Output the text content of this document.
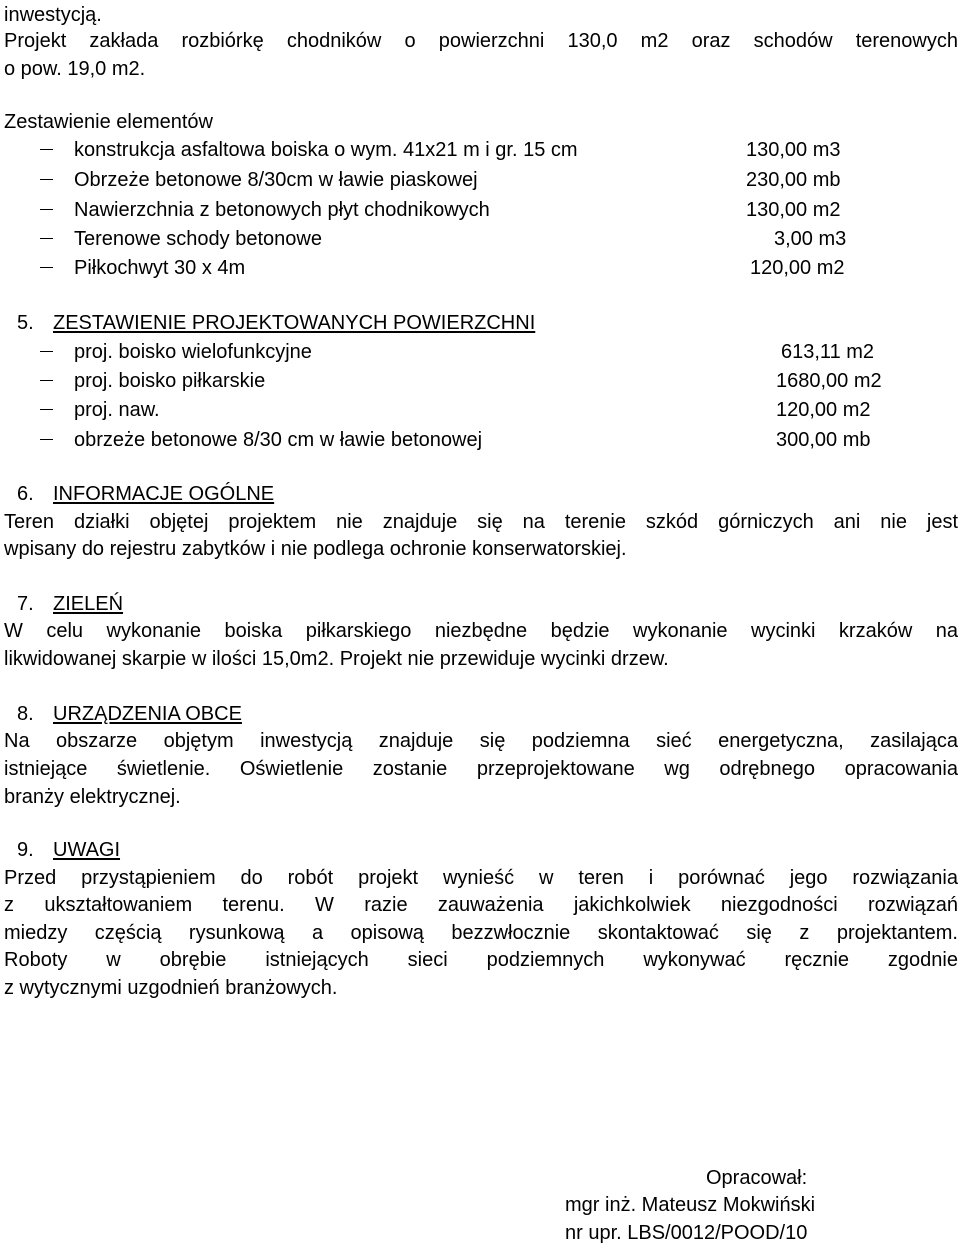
inwestycją.
Projekt zakłada rozbiórkę chodników o powierzchni 130,0 m2 oraz schodów terenowych
o pow. 19,0 m2.
Zestawienie elementów
konstrukcja asfaltowa boiska o wym. 41x21 m i gr. 15 cm	130,00 m3
Obrzeże betonowe 8/30cm w ławie piaskowej	230,00 mb
Nawierzchnia z betonowych płyt chodnikowych	130,00 m2
Terenowe schody betonowe	3,00 m3
Piłkochwyt 30 x 4m	120,00 m2
5. ZESTAWIENIE PROJEKTOWANYCH POWIERZCHNI
proj. boisko wielofunkcyjne	613,11 m2
proj. boisko piłkarskie	1680,00 m2
proj. naw.	120,00 m2
obrzeże betonowe 8/30 cm w ławie betonowej	300,00 mb
6. INFORMACJE OGÓLNE
Teren działki objętej projektem nie znajduje się na terenie szkód górniczych ani nie jest
wpisany do rejestru zabytków i nie podlega ochronie konserwatorskiej.
7. ZIELEŃ
W celu wykonanie boiska piłkarskiego niezbędne będzie wykonanie wycinki krzaków na
likwidowanej skarpie w ilości 15,0m2. Projekt nie przewiduje wycinki drzew.
8. URZĄDZENIA OBCE
Na obszarze objętym inwestycją znajduje się podziemna sieć energetyczna, zasilająca
istniejące świetlenie. Oświetlenie zostanie przeprojektowane wg odrębnego opracowania
branży elektrycznej.
9. UWAGI
Przed przystąpieniem do robót projekt wynieść w teren i porównać jego rozwiązania
z ukształtowaniem terenu. W razie zauważenia jakichkolwiek niezgodności rozwiązań
miedzy częścią rysunkową a opisową bezzwłocznie skontaktować się z projektantem.
Roboty w obrębie istniejących sieci podziemnych wykonywać ręcznie zgodnie
z wytycznymi uzgodnień branżowych.
Opracował:
mgr inż. Mateusz Mokwiński
nr upr. LBS/0012/POOD/10
